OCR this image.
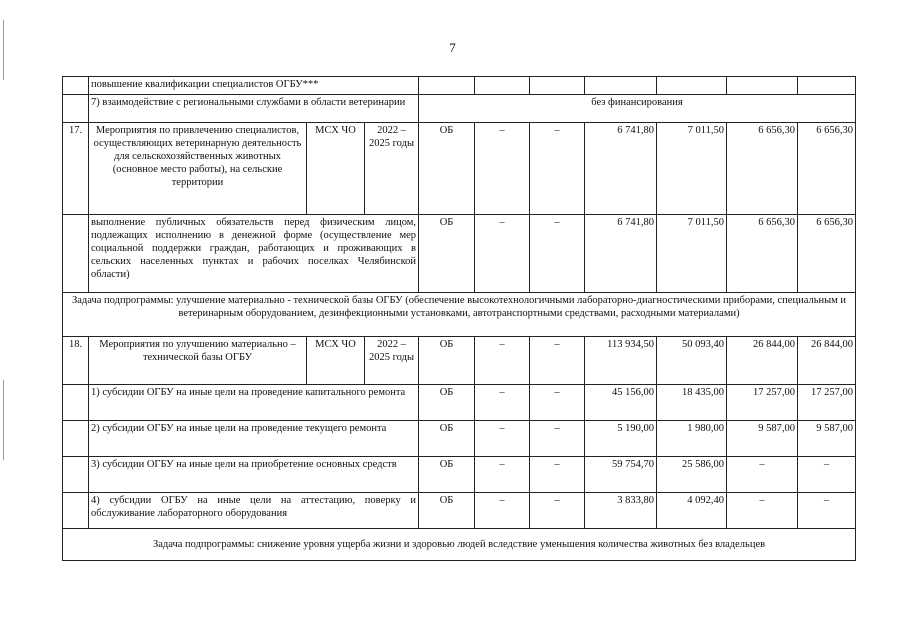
7
	повышение квалификации специалистов ОГБУ***									
	7) взаимодействие с региональными службами в области ветеринарии			без финансирования						
17.	Мероприятия по привлечению специалистов, осуществляющих ветеринарную деятельность для сельскохозяйственных животных (основное место работы), на сельские территории	МСХ ЧО	2022 – 2025 годы	ОБ	–	–	6 741,80	7 011,50	6 656,30	6 656,30
	выполнение публичных обязательств перед физическим лицом, подлежащих исполнению в денежной форме (осуществление мер социальной поддержки граждан, работающих и проживающих в сельских населенных пунктах и рабочих поселках Челябинской области)			ОБ	–	–	6 741,80	7 011,50	6 656,30	6 656,30
Задача подпрограммы: улучшение материально - технической базы ОГБУ (обеспечение высокотехнологичными лабораторно-диагностическими приборами, специальным и ветеринарным оборудованием, дезинфекционными установками, автотранспортными средствами, расходными материалами)										
18.	Мероприятия по улучшению материально – технической базы ОГБУ	МСХ ЧО	2022 – 2025 годы	ОБ	–	–	113 934,50	50 093,40	26 844,00	26 844,00
	1) субсидии ОГБУ на иные цели на проведение капитального ремонта			ОБ	–	–	45 156,00	18 435,00	17 257,00	17 257,00
	2) субсидии ОГБУ на иные цели на проведение текущего ремонта			ОБ	–	–	5 190,00	1 980,00	9 587,00	9 587,00
	3) субсидии ОГБУ на иные цели на приобретение основных средств			ОБ	–	–	59 754,70	25 586,00	–	–
	4) субсидии ОГБУ на иные цели на аттестацию, поверку и обслуживание лабораторного оборудования			ОБ	–	–	3 833,80	4 092,40	–	–
Задача подпрограммы: снижение уровня ущерба жизни и здоровью людей вследствие уменьшения количества животных без владельцев										
